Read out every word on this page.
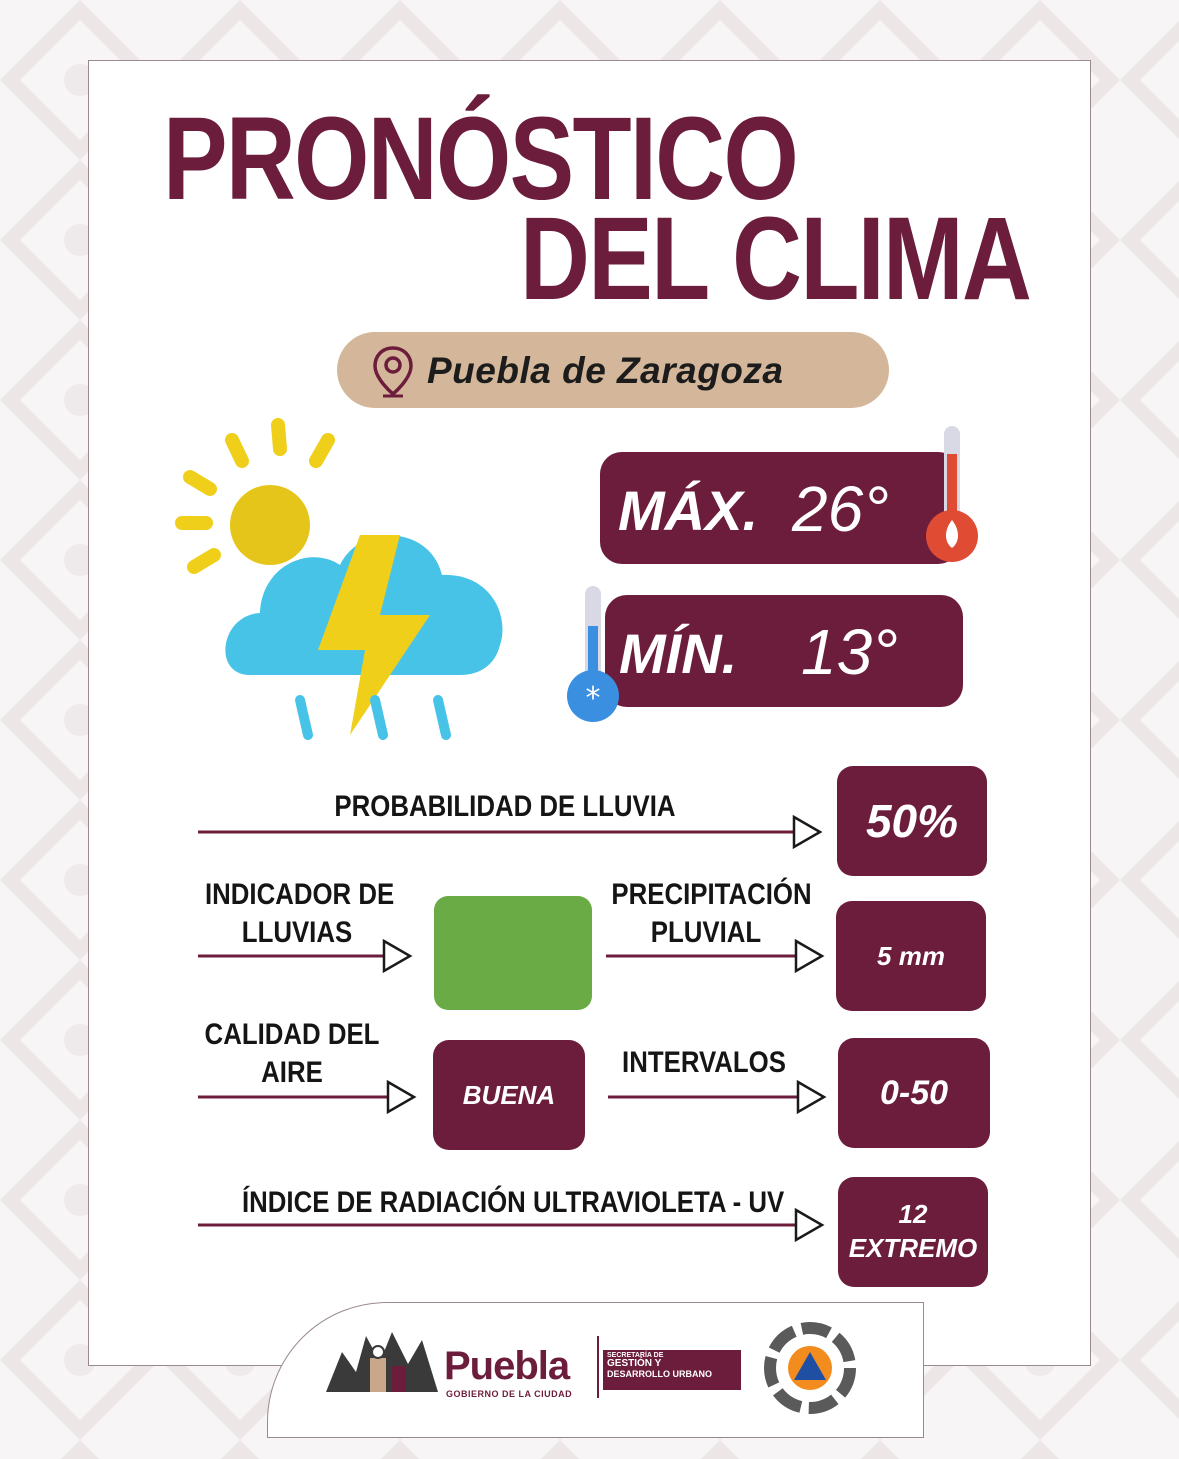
PRONÓSTICO
DEL CLIMA
Puebla de Zaragoza
MÁX. 26°
MÍN. 13°
*
PROBABILIDAD DE LLUVIA	50%
INDICADOR DE
LLUVIAS
PRECIPITACIÓN
PLUVIAL
5 mm
CALIDAD DEL
AIRE
BUENA
INTERVALOS
0-50
ÍNDICE DE RADIACIÓN ULTRAVIOLETA - UV	12
EXTREMO
Puebla
GOBIERNO DE LA CIUDAD
SECRETARÍA DE
GESTIÓN Y
DESARROLLO URBANO
